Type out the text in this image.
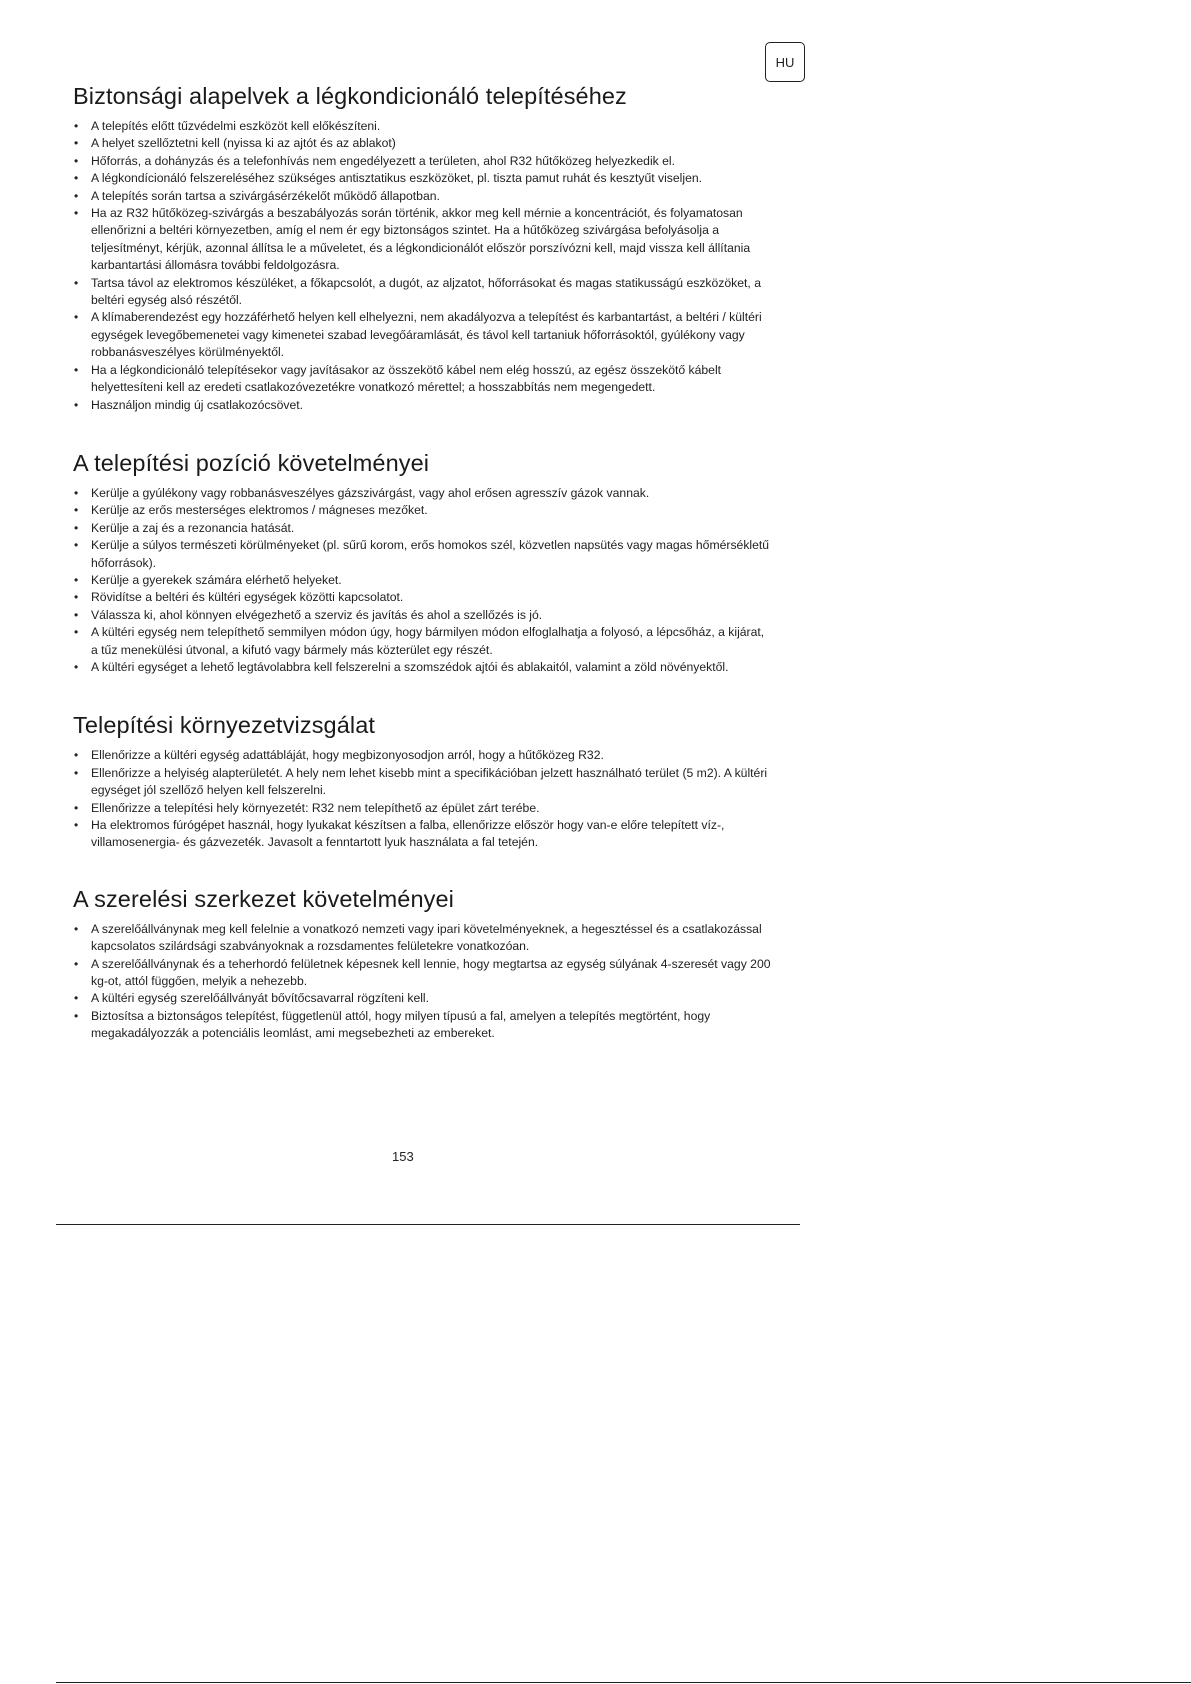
HU
Biztonsági alapelvek a légkondicionáló telepítéséhez
• A telepítés előtt tűzvédelmi eszközöt kell előkészíteni.
• A helyet szellőztetni kell (nyissa ki az ajtót és az ablakot)
• Hőforrás, a dohányzás és a telefonhívás nem engedélyezett a területen, ahol R32 hűtőközeg helyezkedik el.
• A légkondícionáló felszereléséhez szükséges antisztatikus eszközöket, pl. tiszta pamut ruhát és kesztyűt viseljen.
• A telepítés során tartsa a szivárgásérzékelőt működő állapotban.
• Ha az R32 hűtőközeg-szivárgás a beszabályozás során történik, akkor meg kell mérnie a koncentrációt, és folyamatosan ellenőrizni a beltéri környezetben, amíg el nem ér egy biztonságos szintet. Ha a hűtőközeg szivárgása befolyásolja a teljesítményt, kérjük, azonnal állítsa le a műveletet, és a légkondicionálót először porszívózni kell, majd vissza kell állítania karbantartási állomásra további feldolgozásra.
• Tartsa távol az elektromos készüléket, a főkapcsolót, a dugót, az aljzatot, hőforrásokat és magas statikusságú eszközöket, a beltéri egység alsó részétől.
• A klímaberendezést egy hozzáférhető helyen kell elhelyezni, nem akadályozva a telepítést és karbantartást, a beltéri / kültéri egységek levegőbemenetei vagy kimenetei szabad levegőáramlását, és távol kell tartaniuk hőforrásoktól, gyúlékony vagy robbanásveszélyes körülményektől.
• Ha a légkondicionáló telepítésekor vagy javításakor az összekötő kábel nem elég hosszú, az egész összekötő kábelt helyettesíteni kell az eredeti csatlakozóvezetékre vonatkozó mérettel; a hosszabbítás nem megengedett.
• Használjon mindig új csatlakozócsövet.
A telepítési pozíció követelményei
• Kerülje a gyúlékony vagy robbanásveszélyes gázszivárgást, vagy ahol erősen agresszív gázok vannak.
• Kerülje az erős mesterséges elektromos / mágneses mezőket.
• Kerülje a zaj és a rezonancia hatását.
• Kerülje a súlyos természeti körülményeket (pl. sűrű korom, erős homokos szél, közvetlen napsütés vagy magas hőmérsékletű hőforrások).
• Kerülje a gyerekek számára elérhető helyeket.
• Rövidítse a beltéri és kültéri egységek közötti kapcsolatot.
• Válassza ki, ahol könnyen elvégezhető a szerviz és javítás és ahol a szellőzés is jó.
• A kültéri egység nem telepíthető semmilyen módon úgy, hogy bármilyen módon elfoglalhatja a folyosó, a lépcsőház, a kijárat, a tűz menekülési útvonal, a kifutó vagy bármely más közterület egy részét.
• A kültéri egységet a lehető legtávolabbra kell felszerelni a szomszédok ajtói és ablakaitól, valamint a zöld növényektől.
Telepítési környezetvizsgálat
• Ellenőrizze a kültéri egység adattábláját, hogy megbizonyosodjon arról, hogy a hűtőközeg R32.
• Ellenőrizze a helyiség alapterületét. A hely nem lehet kisebb mint a specifikációban jelzett használható terület (5 m2). A kültéri egységet jól szellőző helyen kell felszerelni.
• Ellenőrizze a telepítési hely környezetét: R32 nem telepíthető az épület zárt terébe.
• Ha elektromos fúrógépet használ, hogy lyukakat készítsen a falba, ellenőrizze először hogy van-e előre telepített víz-, villamosenergia- és gázvezeték. Javasolt a fenntartott lyuk használata a fal tetején.
A szerelési szerkezet követelményei
• A szerelőállványnak meg kell felelnie a vonatkozó nemzeti vagy ipari követelményeknek, a hegesztéssel és a csatlakozással kapcsolatos szilárdsági szabványoknak a rozsdamentes felületekre vonatkozóan.
• A szerelőállványnak és a teherhordó felületnek képesnek kell lennie, hogy megtartsa az egység súlyának 4-szeresét vagy 200 kg-ot, attól függően, melyik a nehezebb.
• A kültéri egység szerelőállványát bővítőcsavarral rögzíteni kell.
• Biztosítsa a biztonságos telepítést, függetlenül attól, hogy milyen típusú a fal, amelyen a telepítés megtörtént, hogy megakadályozzák a potenciális leomlást, ami megsebezheti az embereket.
153
